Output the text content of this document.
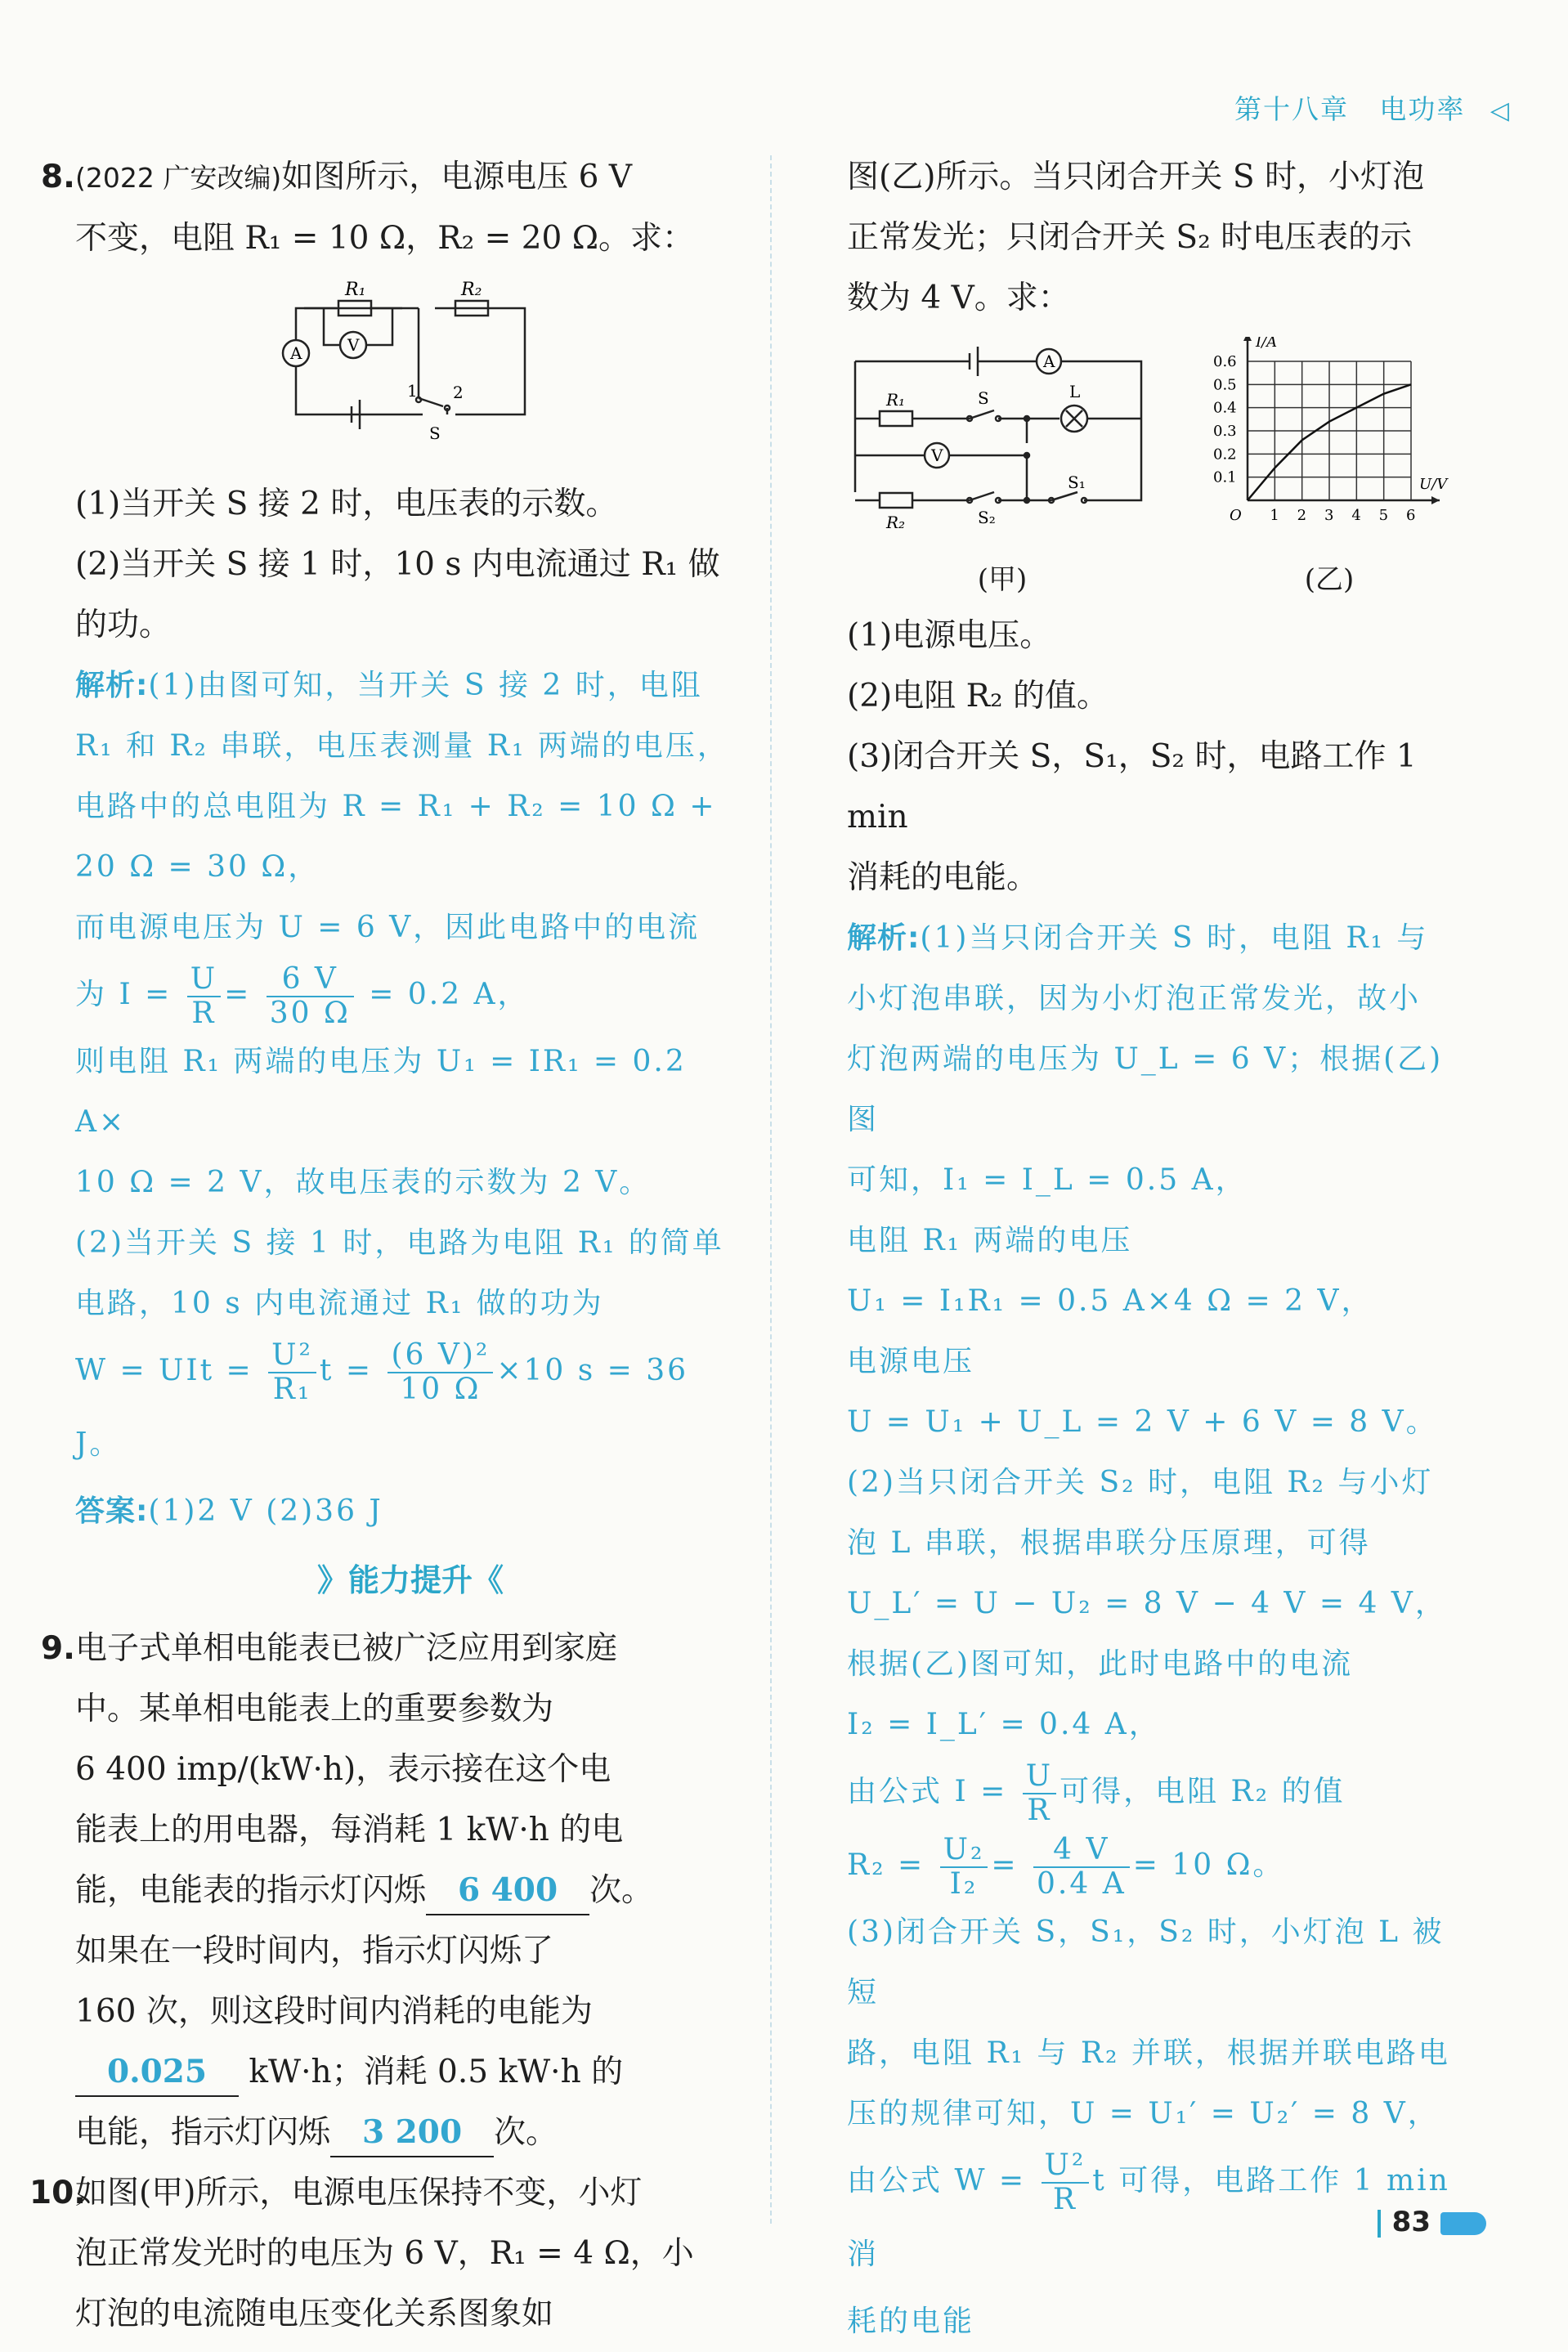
第十八章 电功率 ◁

8.(2022 广安改编)如图所示，电源电压 6 V

不变，电阻 R₁ = 10 Ω，R₂ = 20 Ω。求：

R₁	R₂
A	V
1 2
S

(1)当开关 S 接 2 时，电压表的示数。

(2)当开关 S 接 1 时，10 s 内电流通过 R₁ 做

的功。

解析:(1)由图可知，当开关 S 接 2 时，电阻

R₁ 和 R₂ 串联，电压表测量 R₁ 两端的电压，

电路中的总电阻为 R = R₁ + R₂ = 10 Ω +

20 Ω = 30 Ω，

而电源电压为 U = 6 V，因此电路中的电流

为 $I = \frac{U}{R} = \frac{6 V}{30 \Omega} = 0.2$ A，

则电阻 R₁ 两端的电压为 U₁ = IR₁ = 0.2 A×

10 Ω = 2 V，故电压表的示数为 2 V。

(2)当开关 S 接 1 时，电路为电阻 R₁ 的简单

电路，10 s 内电流通过 R₁ 做的功为

W = UIt = $\frac{\text{U²}}{\text{R₁}}$ $t = \frac{\text{(6 V)²}}{10 \Omega} \times 10$ s = 36 J。

答案:(1)2 V (2)36 J

》能力提升《

9.电子式单相电能表已被广泛应用到家庭

中。某单相电能表上的重要参数为

6 400 imp/(kW·h)，表示接在这个电

能表上的用电器，每消耗 1 kW·h 的电

能，电能表的指示灯闪烁 6 400 次。

如果在一段时间内，指示灯闪烁了

160 次，则这段时间内消耗的电能为

0.025 kW·h；消耗 0.5 kW·h 的

电能，指示灯闪烁 3 200 次。

10.如图(甲)所示，电源电压保持不变，小灯

泡正常发光时的电压为 6 V，R₁ = 4 Ω，小

灯泡的电流随电压变化关系图象如

图(乙)所示。当只闭合开关 S 时，小灯泡

正常发光；只闭合开关 S₂ 时电压表的示

数为 4 V。求：

A
V
R₁
R₂
S
S₁
S₂
L
(甲)
1 2 3 4 5 6
0.1
0.2
0.3
0.4
0.5
0.6
O
U/V
I/A
(乙)

(1)电源电压。

(2)电阻 R₂ 的值。

(3)闭合开关 S，S₁，S₂ 时，电路工作 1 min

消耗的电能。

解析:(1)当只闭合开关 S 时，电阻 R₁ 与

小灯泡串联，因为小灯泡正常发光，故小

灯泡两端的电压为 U_L = 6 V；根据(乙)图

可知，I₁ = I_L = 0.5 A，

电阻 R₁ 两端的电压

U₁ = I₁R₁ = 0.5 A×4 Ω = 2 V，

电源电压

U = U₁ + U_L = 2 V + 6 V = 8 V。

(2)当只闭合开关 S₂ 时，电阻 R₂ 与小灯

泡 L 串联，根据串联分压原理，可得

U_L′ = U − U₂ = 8 V − 4 V = 4 V，

根据(乙)图可知，此时电路中的电流

I₂ = I_L′ = 0.4 A，

由公式 $I = \frac{U}{R}$ 可得，电阻 R₂ 的值

$R_2 = \frac{\text{U₂}}{\text{I₂}} = \frac{4 V}{0.4 A} = 10$ Ω。

(3)闭合开关 S，S₁，S₂ 时，小灯泡 L 被短

路，电阻 R₁ 与 R₂ 并联，根据并联电路电

压的规律可知，U = U₁′ = U₂′ = 8 V，

由公式 $W = \frac{\text{U²}}{R}$ t 可得，电路工作 1 min 消

耗的电能

83
